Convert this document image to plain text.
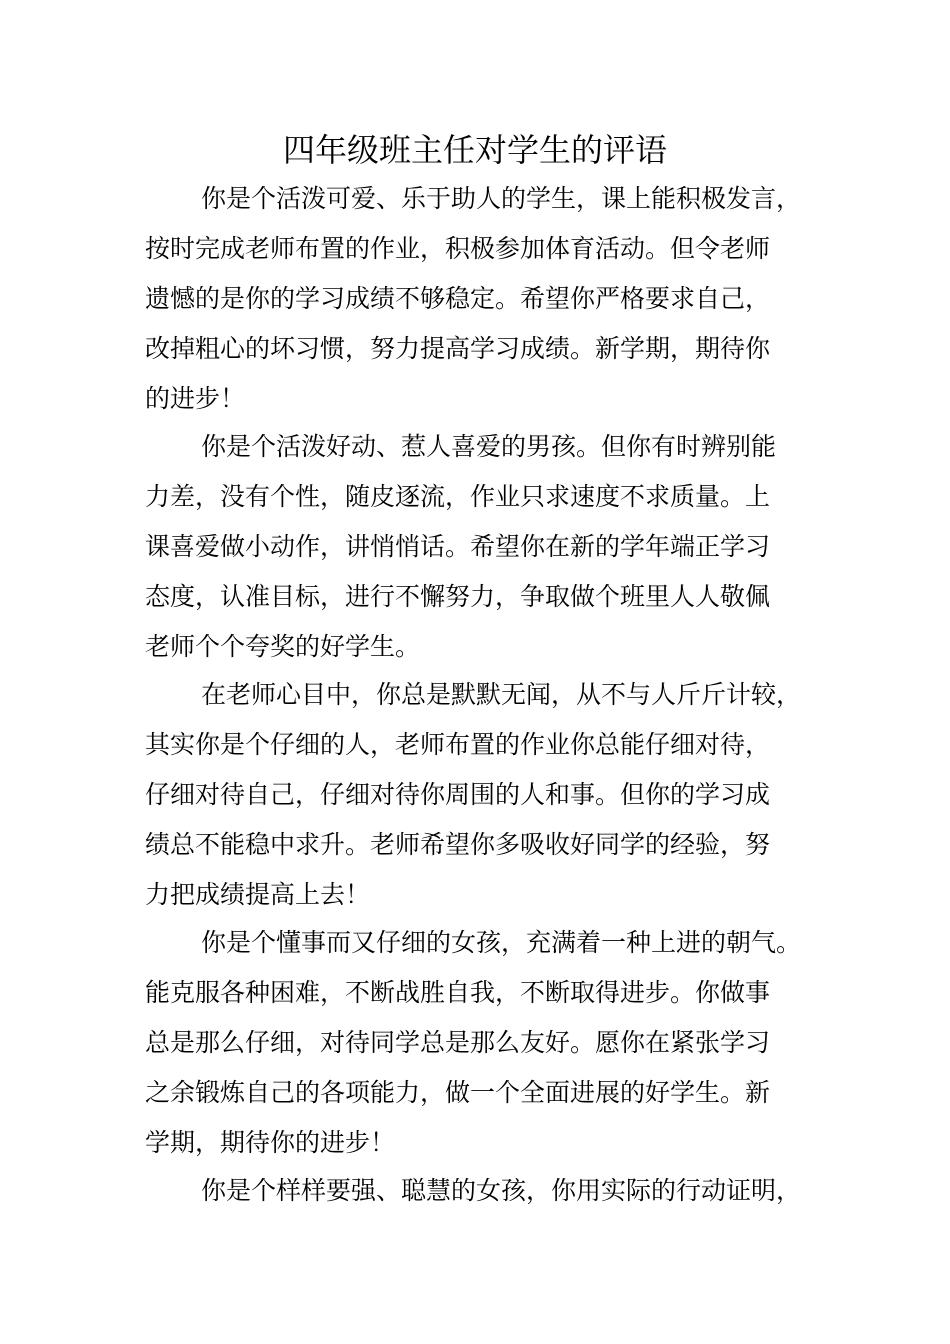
四年级班主任对学生的评语
你是个活泼可爱、乐于助人的学生，课上能积极发言，
按时完成老师布置的作业，积极参加体育活动。但令老师
遗憾的是你的学习成绩不够稳定。希望你严格要求自己，
改掉粗心的坏习惯，努力提高学习成绩。新学期，期待你
的进步！
你是个活泼好动、惹人喜爱的男孩。但你有时辨别能
力差，没有个性，随皮逐流，作业只求速度不求质量。上
课喜爱做小动作，讲悄悄话。希望你在新的学年端正学习
态度，认准目标，进行不懈努力，争取做个班里人人敬佩
老师个个夸奖的好学生。
在老师心目中，你总是默默无闻，从不与人斤斤计较，
其实你是个仔细的人，老师布置的作业你总能仔细对待，
仔细对待自己，仔细对待你周围的人和事。但你的学习成
绩总不能稳中求升。老师希望你多吸收好同学的经验，努
力把成绩提高上去！
你是个懂事而又仔细的女孩，充满着一种上进的朝气。
能克服各种困难，不断战胜自我，不断取得进步。你做事
总是那么仔细，对待同学总是那么友好。愿你在紧张学习
之余锻炼自己的各项能力，做一个全面进展的好学生。新
学期，期待你的进步！
你是个样样要强、聪慧的女孩，你用实际的行动证明，
